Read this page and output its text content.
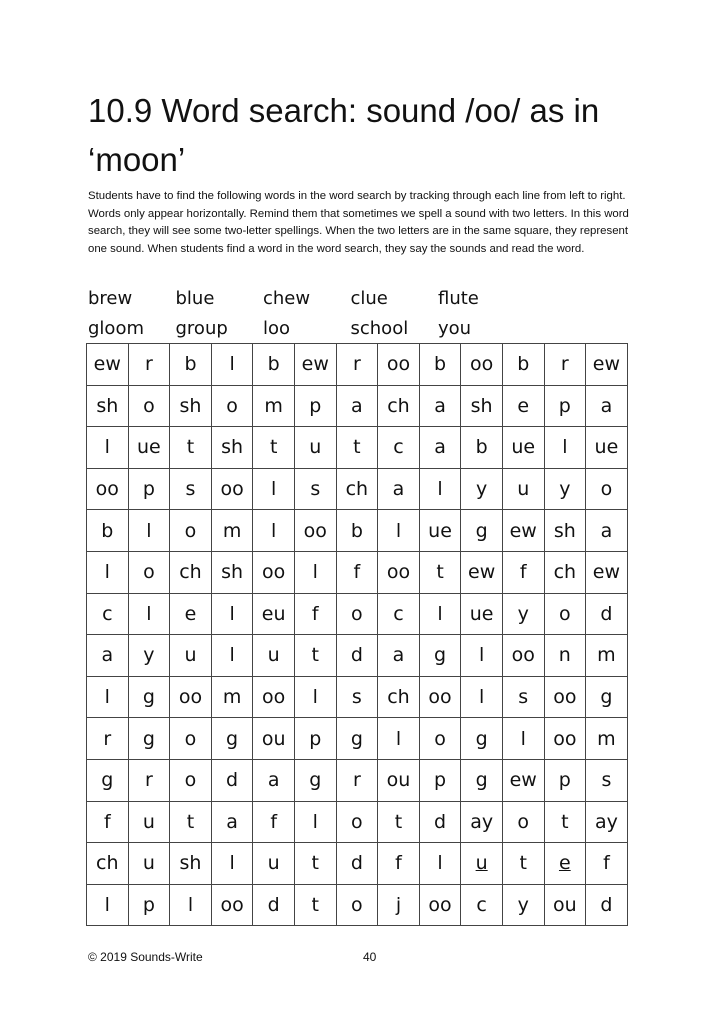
10.9 Word search: sound /oo/ as in ‘moon’

Students have to find the following words in the word search by tracking through each line from left to right. Words only appear horizontally. Remind them that sometimes we spell a sound with two letters. In this word search, they will see some two-letter spellings. When the two letters are in the same square, they represent one sound. When students find a word in the word search, they say the sounds and read the word.

brew	blue	chew	clue	flute
gloom	group	loo	school	you
ew	r	b	l	b	ew	r	oo	b	oo	b	r	ew
sh	o	sh	o	m	p	a	ch	a	sh	e	p	a
l	ue	t	sh	t	u	t	c	a	b	ue	l	ue
oo	p	s	oo	l	s	ch	a	l	y	u	y	o
b	l	o	m	l	oo	b	l	ue	g	ew	sh	a
l	o	ch	sh	oo	l	f	oo	t	ew	f	ch	ew
c	l	e	l	eu	f	o	c	l	ue	y	o	d
a	y	u	l	u	t	d	a	g	l	oo	n	m
l	g	oo	m	oo	l	s	ch	oo	l	s	oo	g
r	g	o	g	ou	p	g	l	o	g	l	oo	m
g	r	o	d	a	g	r	ou	p	g	ew	p	s
f	u	t	a	f	l	o	t	d	ay	o	t	ay
ch	u	sh	l	u	t	d	f	l	u	t	e	f
l	p	l	oo	d	t	o	j	oo	c	y	ou	d
© 2019 Sounds-Write	40
